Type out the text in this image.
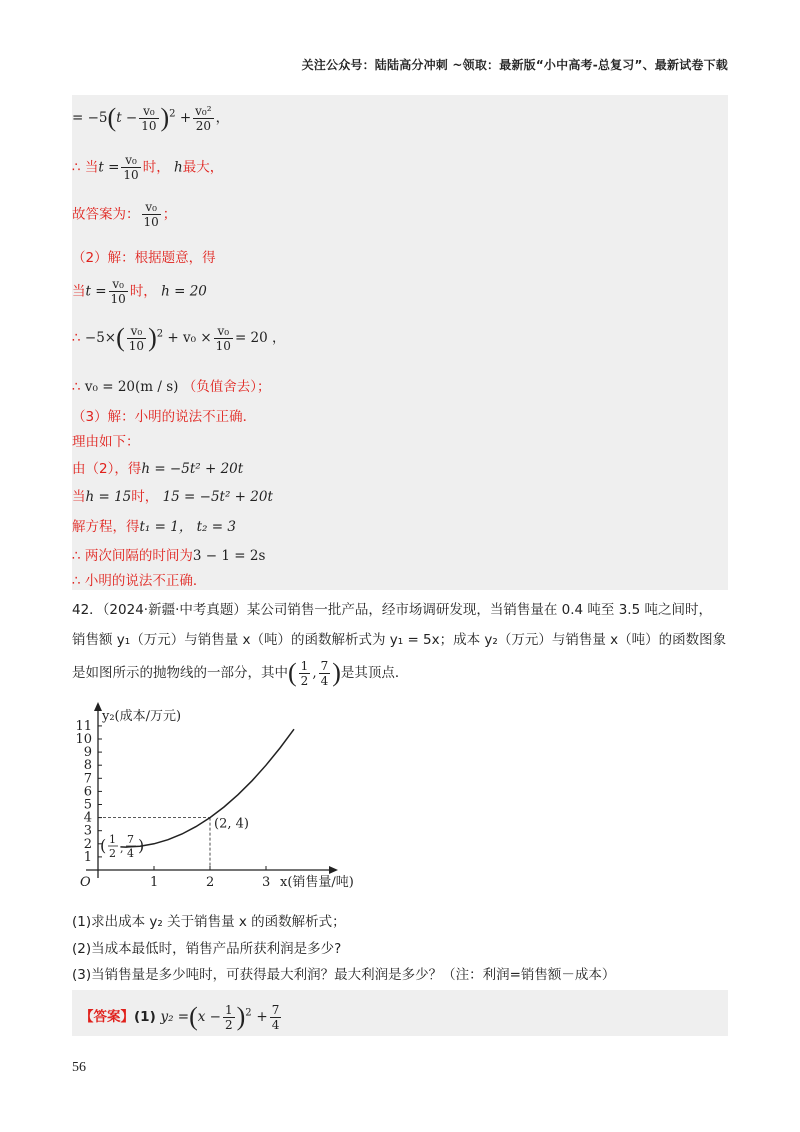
关注公众号：陆陆高分冲刺 ~领取：最新版“小中高考-总复习”、最新试卷下载
= $-5(t - \frac{\text{v₀}}{10} )^2 + \frac{\text{v₀²}}{20}$ ，
∴ 当$t = \frac{\text{v₀}}{10}$ 时， h最大，
故答案为： $\frac{\text{v₀}}{10}$ ；
（2）解：根据题意，得
当$t = \frac{\text{v₀}}{10}$ 时， h = 20
∴ $-5\times( \frac{\text{v₀}}{10} )^2 + v_0 \times \frac{\text{v₀}}{10} = 20$ ，
∴ v₀ = 20(m / s) （负值舍去）；
（3）解：小明的说法不正确．
理由如下：
由（2），得h = −5t² + 20t
当h = 15时， 15 = −5t² + 20t
解方程，得t₁ = 1， t₂ = 3
∴ 两次间隔的时间为3 − 1 = 2s
∴ 小明的说法不正确．
42．（2024·新疆·中考真题）某公司销售一批产品，经市场调研发现，当销售量在 0.4 吨至 3.5 吨之间时，
销售额 y₁（万元）与销售量 x（吨）的函数解析式为 y₁ = 5x；成本 y₂（万元）与销售量 x（吨）的函数图象
是如图所示的抛物线的一部分，其中( $\frac{1}{2}$ , $\frac{7}{4}$ )是其顶点．
1	2	3
1
2
3
4
5
6
7
8
9
10
11
y₂(成本/万元)
x(销售量/吨)
O
(2, 4)
( 1
2 ,
7
4 )
(1)求出成本 y₂ 关于销售量 x 的函数解析式；
(2)当成本最低时，销售产品所获利润是多少?
(3)当销售量是多少吨时，可获得最大利润？最大利润是多少？（注：利润=销售额－成本）
【答案】(1) $y_2 =(x - \frac{1}{2} )^2 + \frac{7}{4}$
56
